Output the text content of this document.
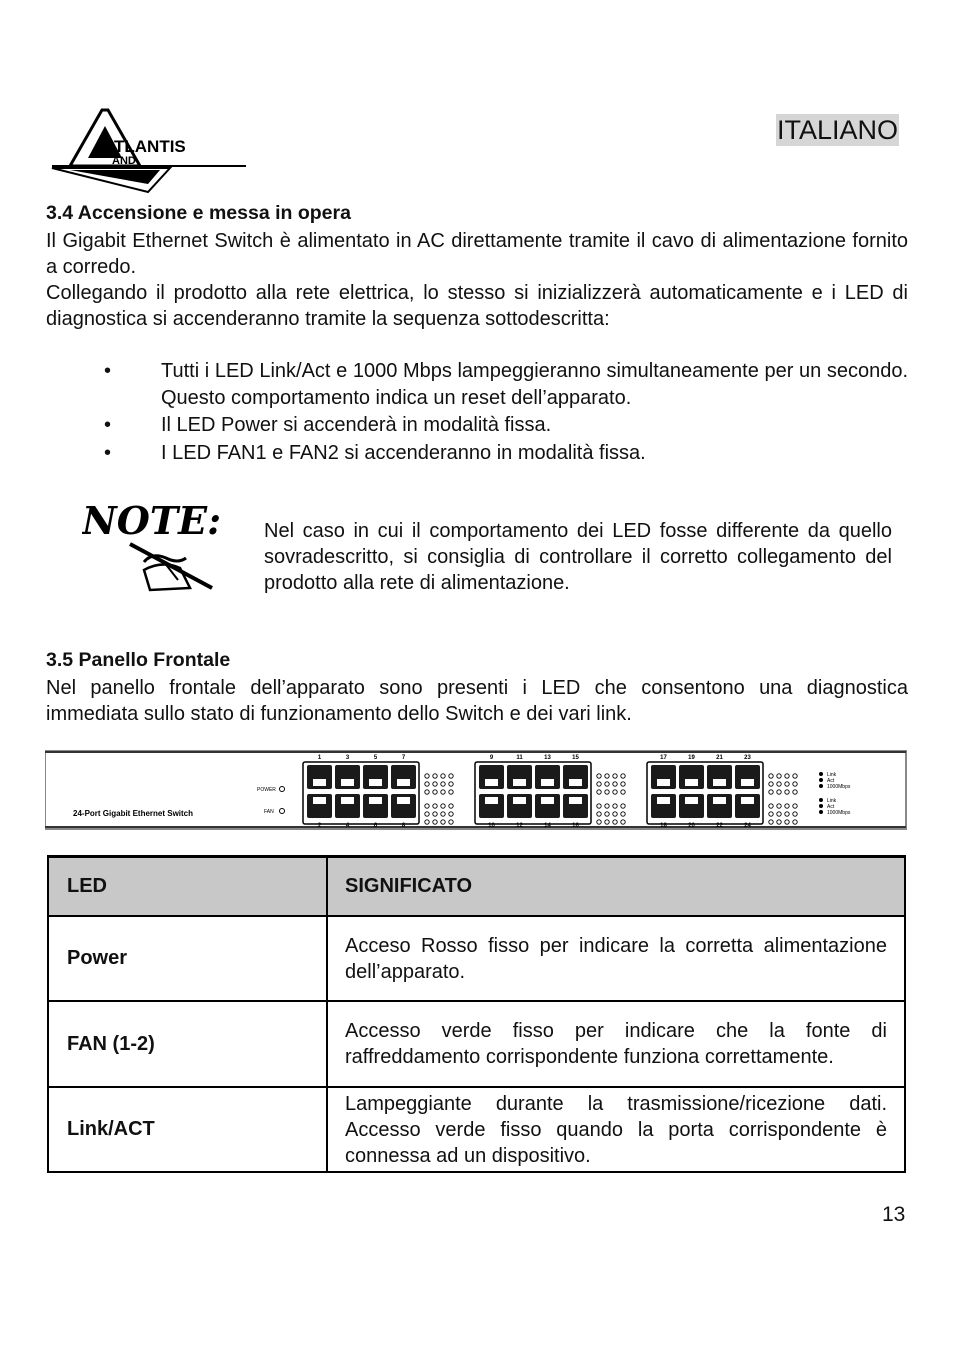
TLANTIS
AND
ITALIANO
3.4 Accensione e messa in opera
Il Gigabit Ethernet Switch è alimentato in AC direttamente tramite il cavo di alimentazione fornito a corredo.
Collegando il prodotto alla rete elettrica, lo stesso si inizializzerà automaticamente e i LED di diagnostica si accenderanno tramite la sequenza sottodescritta:
• Tutti i LED Link/Act e 1000 Mbps lampeggieranno simultaneamente per un secondo. Questo comportamento indica un reset dell’apparato.
• Il LED Power si accenderà in modalità fissa.
• I LED FAN1 e FAN2 si accenderanno in modalità fissa.
NOTE: Nel caso in cui il comportamento dei LED fosse differente da quello sovradescritto, si consiglia di controllare il corretto collegamento del prodotto alla rete di alimentazione.
3.5 Panello Frontale
Nel panello frontale dell’apparato sono presenti i LED che consentono una diagnostica immediata sullo stato di funzionamento dello Switch e dei vari link.
24-Port Gigabit Ethernet Switch
POWER
FAN
1
2
3
4
5
6
7
8
9
10
11
12
13
14
15
16
17
18
19
20
21
22
23
24
Link
Act
1000Mbps
Link
Act
1000Mbps
LED	SIGNIFICATO
Power	Acceso Rosso fisso per indicare la corretta alimentazione dell’apparato.
FAN (1-2)	Accesso verde fisso per indicare che la fonte di raffreddamento corrispondente funziona correttamente.
Link/ACT	Lampeggiante durante la trasmissione/ricezione dati. Accesso verde fisso quando la porta corrispondente è connessa ad un dispositivo.
13
